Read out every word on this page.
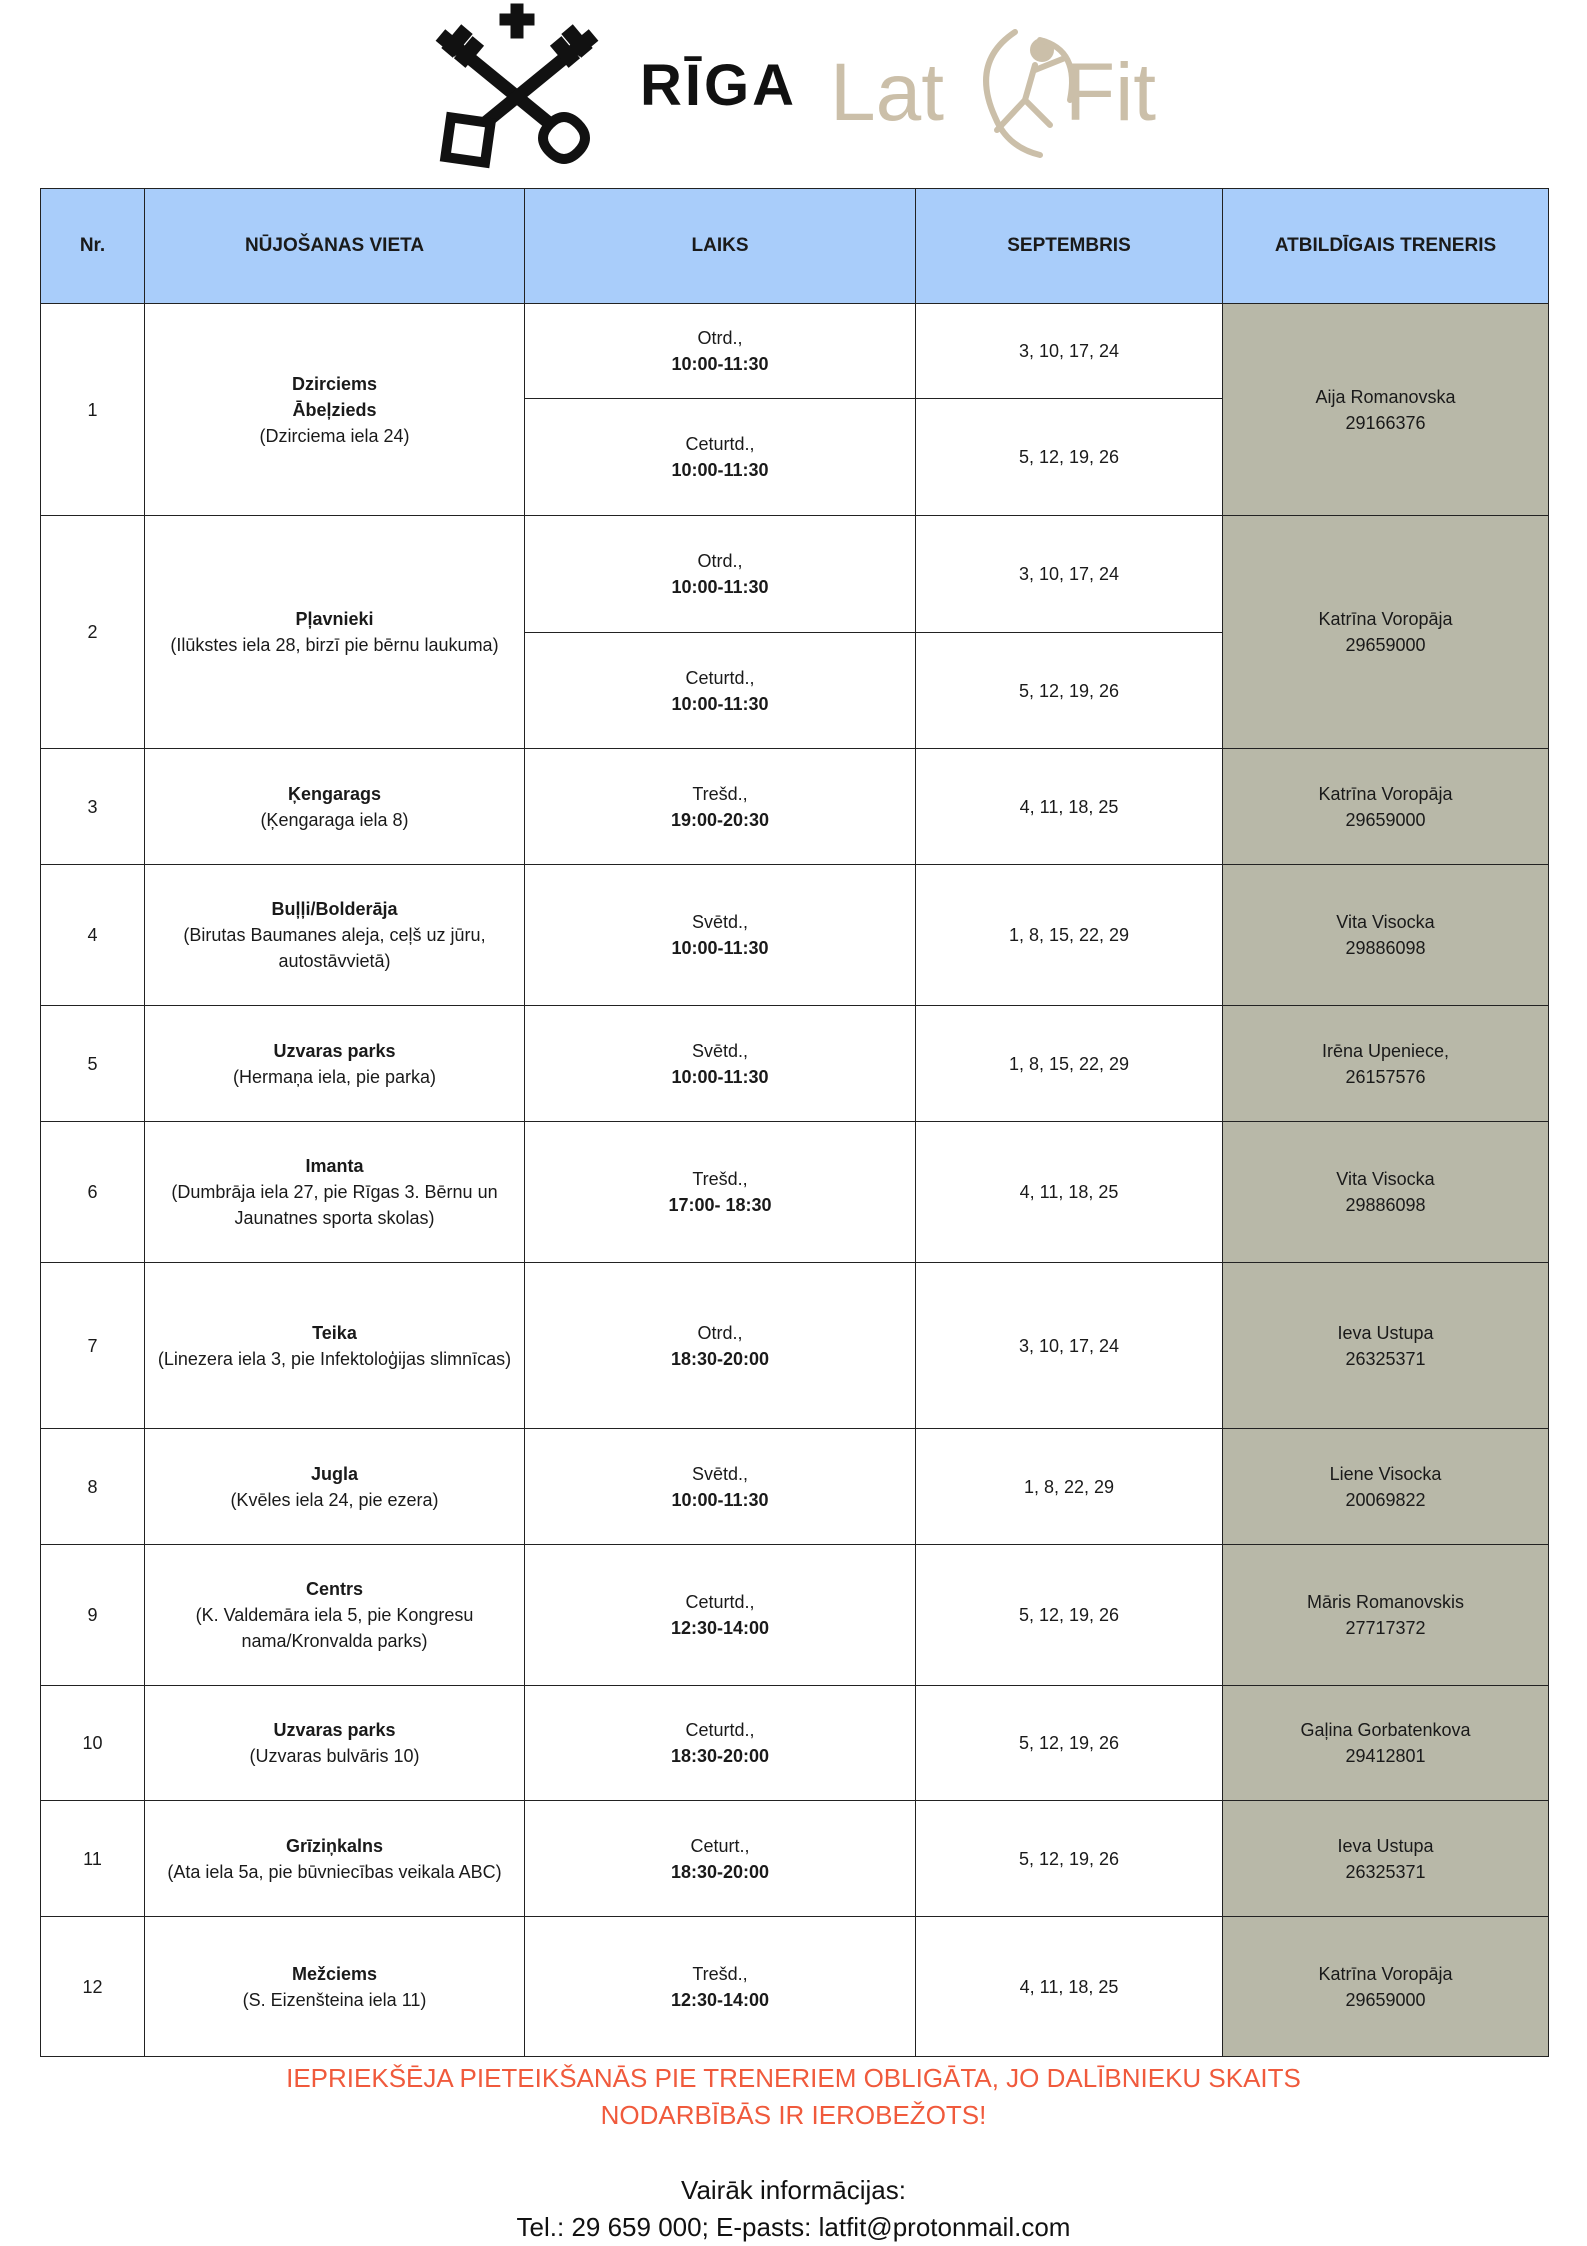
RĪGA Lat Fit
Nr.	NŪJOŠANAS VIETA	LAIKS	SEPTEMBRIS	ATBILDĪGAIS TRENERIS
1	Dzirciems
Ābeļzieds
(Dzirciema iela 24)	Otrd.,
10:00-11:30	3, 10, 17, 24	Aija Romanovska
29166376

		Ceturtd.,
10:00-11:30	5, 12, 19, 26	
2	Pļavnieki
(Ilūkstes iela 28, birzī pie bērnu laukuma)	Otrd.,
10:00-11:30	3, 10, 17, 24	Katrīna Voropāja
29659000

		Ceturtd.,
10:00-11:30	5, 12, 19, 26	
3	Ķengarags
(Ķengaraga iela 8)	Trešd.,
19:00-20:30	4, 11, 18, 25	Katrīna Voropāja
29659000

4	Buļļi/Bolderāja
(Birutas Baumanes aleja, ceļš uz jūru, autostāvvietā)	Svētd.,
10:00-11:30	1, 8, 15, 22, 29	Vita Visocka
29886098

5	Uzvaras parks
(Hermaņa iela, pie parka)	Svētd.,
10:00-11:30	1, 8, 15, 22, 29	Irēna Upeniece,
26157576

6	Imanta
(Dumbrāja iela 27, pie Rīgas 3. Bērnu un Jaunatnes sporta skolas)	Trešd.,
17:00- 18:30	4, 11, 18, 25	Vita Visocka
29886098

7	Teika
(Linezera iela 3, pie Infektoloģijas slimnīcas)	Otrd.,
18:30-20:00	3, 10, 17, 24	Ieva Ustupa
26325371

8	Jugla
(Kvēles iela 24, pie ezera)	Svētd.,
10:00-11:30	1, 8, 22, 29	Liene Visocka
20069822

9	Centrs
(K. Valdemāra iela 5, pie Kongresu nama/Kronvalda parks)	Ceturtd.,
12:30-14:00	5, 12, 19, 26	Māris Romanovskis
27717372

10	Uzvaras parks
(Uzvaras bulvāris 10)	Ceturtd.,
18:30-20:00	5, 12, 19, 26	Gaļina Gorbatenkova
29412801

11	Grīziņkalns
(Ata iela 5a, pie būvniecības veikala ABC)	Ceturt.,
18:30-20:00	5, 12, 19, 26	Ieva Ustupa
26325371

12	Mežciems
(S. Eizenšteina iela 11)	Trešd.,
12:30-14:00	4, 11, 18, 25	Katrīna Voropāja
29659000
IEPRIEKŠĒJA PIETEIKŠANĀS PIE TRENERIEM OBLIGĀTA, JO DALĪBNIEKU SKAITS
NODARBĪBĀS IR IEROBEŽOTS!
Vairāk informācijas:
Tel.: 29 659 000; E-pasts: latfit@protonmail.com
